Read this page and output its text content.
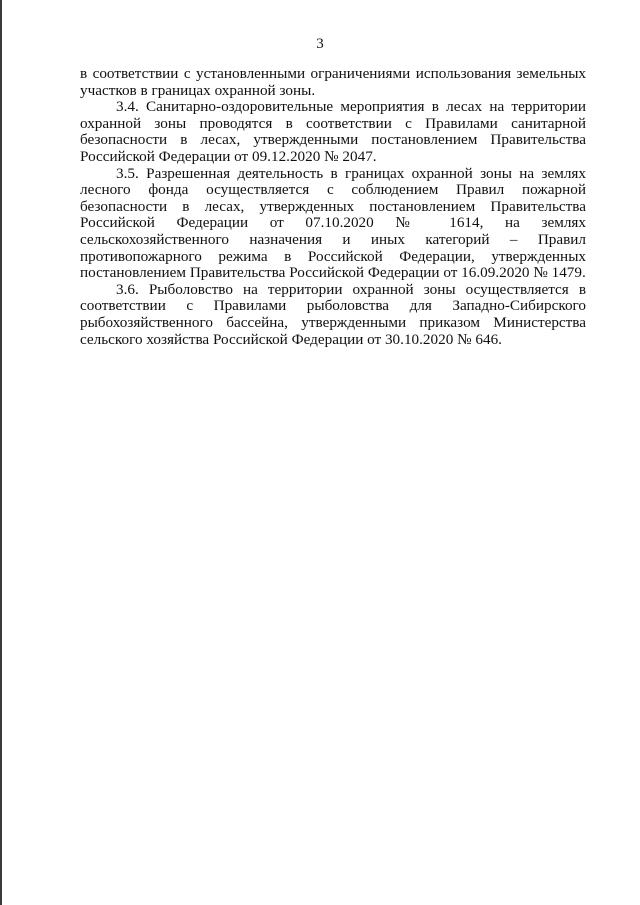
3

в соответствии с установленными ограничениями использования земельных участков в границах охранной зоны.

3.4. Санитарно-оздоровительные мероприятия в лесах на территории охранной зоны проводятся в соответствии с Правилами санитарной безопасности в лесах, утвержденными постановлением Правительства Российской Федерации от 09.12.2020 № 2047.

3.5. Разрешенная деятельность в границах охранной зоны на землях лесного фонда осуществляется с соблюдением Правил пожарной безопасности в лесах, утвержденных постановлением Правительства Российской Федерации от 07.10.2020 № 1614, на землях сельскохозяйственного назначения и иных категорий – Правил противопожарного режима в Российской Федерации, утвержденных постановлением Правительства Российской Федерации от 16.09.2020 № 1479.

3.6. Рыболовство на территории охранной зоны осуществляется в соответствии с Правилами рыболовства для Западно-Сибирского рыбохозяйственного бассейна, утвержденными приказом Министерства сельского хозяйства Российской Федерации от 30.10.2020 № 646.
